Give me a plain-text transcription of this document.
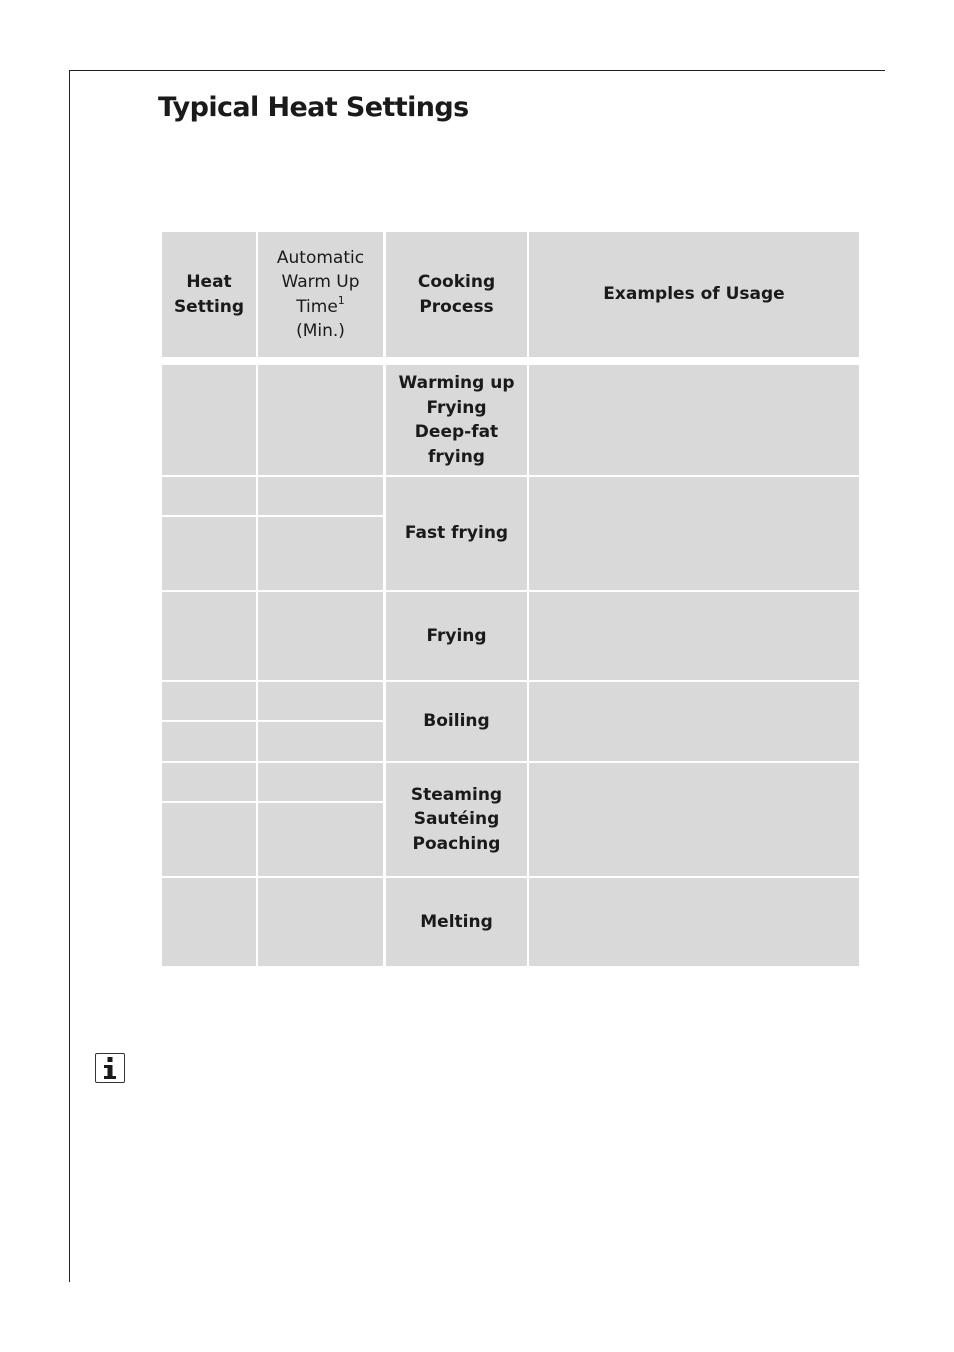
Typical Heat Settings
Heat
Setting
Automatic
Warm Up
Time$^1$
(Min.)
Cooking
Process
Examples of Usage
Warming up
Frying
Deep-fat
frying
Fast frying
Frying
Boiling
Steaming
Sautéing
Poaching
Melting
